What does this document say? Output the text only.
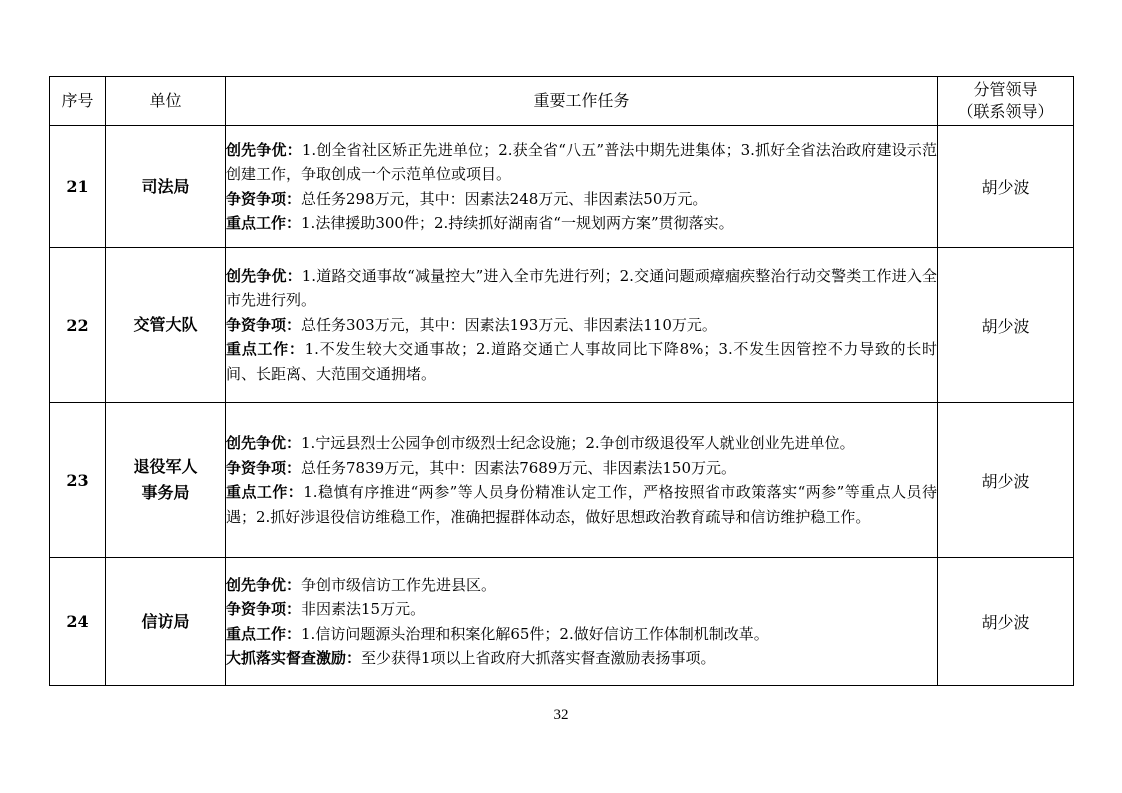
序号	单位	重要工作任务	分管领导
（联系领导）

21	司法局	创先争优：1.创全省社区矫正先进单位；2.获全省“八五”普法中期先进集体；3.抓好全省法治政府建设示范创建工作，争取创成一个示范单位或项目。
争资争项：总任务298万元，其中：因素法248万元、非因素法50万元。
重点工作：1.法律援助300件；2.持续抓好湖南省“一规划两方案”贯彻落实。	胡少波
22	交管大队	创先争优：1.道路交通事故“减量控大”进入全市先进行列；2.交通问题顽瘴痼疾整治行动交警类工作进入全市先进行列。
争资争项：总任务303万元，其中：因素法193万元、非因素法110万元。
重点工作：1.不发生较大交通事故；2.道路交通亡人事故同比下降8%；3.不发生因管控不力导致的长时间、长距离、大范围交通拥堵。	胡少波
23	退役军人
事务局	创先争优：1.宁远县烈士公园争创市级烈士纪念设施；2.争创市级退役军人就业创业先进单位。
争资争项：总任务7839万元，其中：因素法7689万元、非因素法150万元。
重点工作：1.稳慎有序推进“两参”等人员身份精准认定工作，严格按照省市政策落实“两参”等重点人员待遇；2.抓好涉退役信访维稳工作，准确把握群体动态，做好思想政治教育疏导和信访维护稳工作。	胡少波
24	信访局	创先争优：争创市级信访工作先进县区。
争资争项：非因素法15万元。
重点工作：1.信访问题源头治理和积案化解65件；2.做好信访工作体制机制改革。
大抓落实督查激励：至少获得1项以上省政府大抓落实督查激励表扬事项。	胡少波
32
